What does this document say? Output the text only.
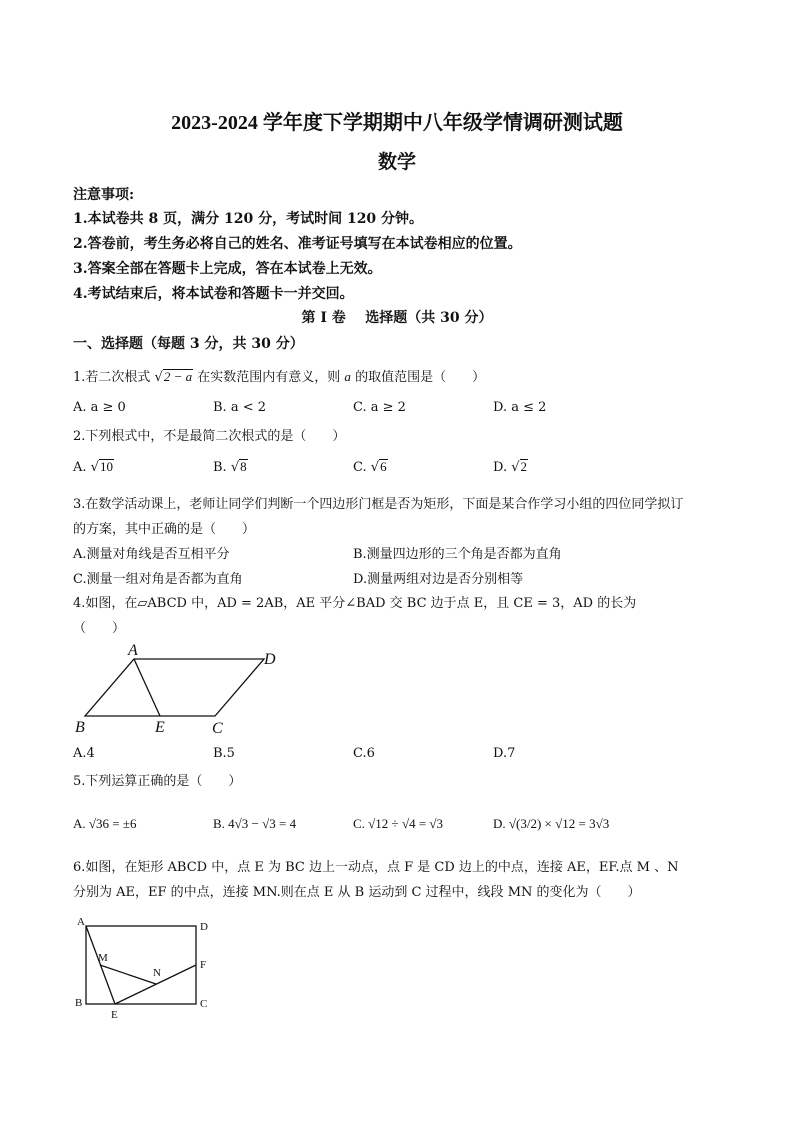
2023-2024 学年度下学期期中八年级学情调研测试题
数学
注意事项:
1.本试卷共 8 页，满分 120 分，考试时间 120 分钟。
2.答卷前，考生务必将自己的姓名、准考证号填写在本试卷相应的位置。
3.答案全部在答题卡上完成，答在本试卷上无效。
4.考试结束后，将本试卷和答题卡一并交回。
第 I 卷    选择题（共 30 分）
一、选择题（每题 3 分，共 30 分）
1.若二次根式 √2 − a 在实数范围内有意义，则 a 的取值范围是（　　）
A. a ≥ 0	B. a < 2	C. a ≥ 2	D. a ≤ 2
2.下列根式中，不是最简二次根式的是（　　）
A. √10	B. √8	C. √6	D. √2
3.在数学活动课上，老师让同学们判断一个四边形门框是否为矩形，下面是某合作学习小组的四位同学拟订
的方案，其中正确的是（　　）
A.测量对角线是否互相平分	B.测量四边形的三个角是否都为直角
C.测量一组对角是否都为直角	D.测量两组对边是否分别相等
4.如图，在▱ABCD 中，AD = 2AB，AE 平分∠BAD 交 BC 边于点 E，且 CE = 3，AD 的长为
（　　）
A
D
B	E	C
A.4	B.5	C.6	D.7
5.下列运算正确的是（　　）
A. √36 = ±6	B. 4√3 − √3 = 4	C. √12 ÷ √4 = √3	D. √(3/2) × √12 = 3√3
6.如图，在矩形 ABCD 中，点 E 为 BC 边上一动点，点 F 是 CD 边上的中点，连接 AE，EF.点 M 、N
分别为 AE，EF 的中点，连接 MN.则在点 E 从 B 运动到 C 过程中，线段 MN 的变化为（　　）
A	D
M
N
F
B	C
E
